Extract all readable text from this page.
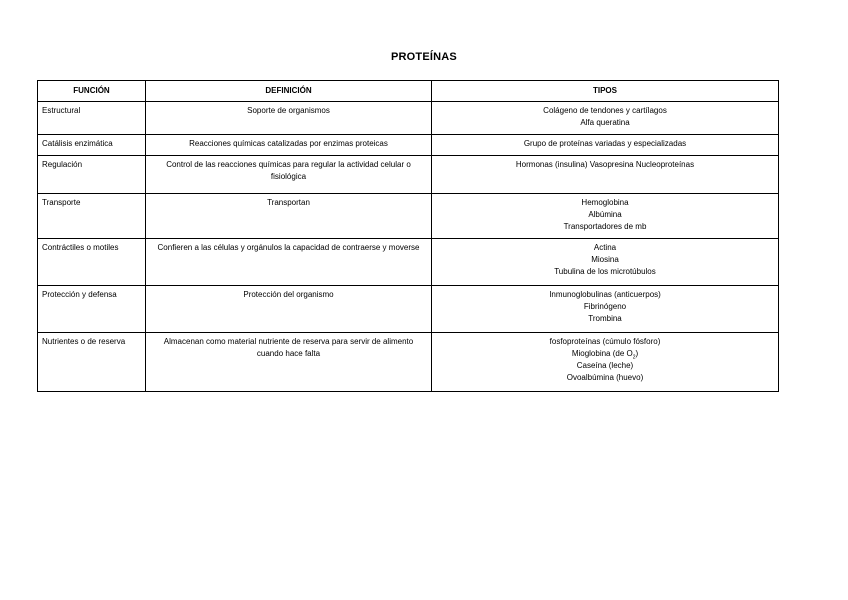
PROTEÍNAS
FUNCIÓN	DEFINICIÓN	TIPOS
Estructural	Soporte de organismos	Colágeno de tendones y cartílagos
Alfa queratina

Catálisis enzimática	Reacciones químicas catalizadas por enzimas proteicas	Grupo de proteínas variadas y especializadas

Regulación	Control de las reacciones químicas para regular la actividad celular o fisiológica	Hormonas (insulina) Vasopresina Nucleoproteínas

Transporte	Transportan	Hemoglobina
Albúmina
Transportadores de mb

Contráctiles o motiles	Confieren a las células y orgánulos la capacidad de contraerse y moverse	Actina
Miosina
Tubulina de los microtúbulos

Protección y defensa	Protección del organismo	Inmunoglobulinas (anticuerpos)
Fibrinógeno
Trombina

Nutrientes o de reserva	Almacenan como material nutriente de reserva para servir de alimento cuando hace falta	fosfoproteínas (cúmulo fósforo)
Mioglobina (de $O_2$)
Caseína (leche)
Ovoalbúmina (huevo)
